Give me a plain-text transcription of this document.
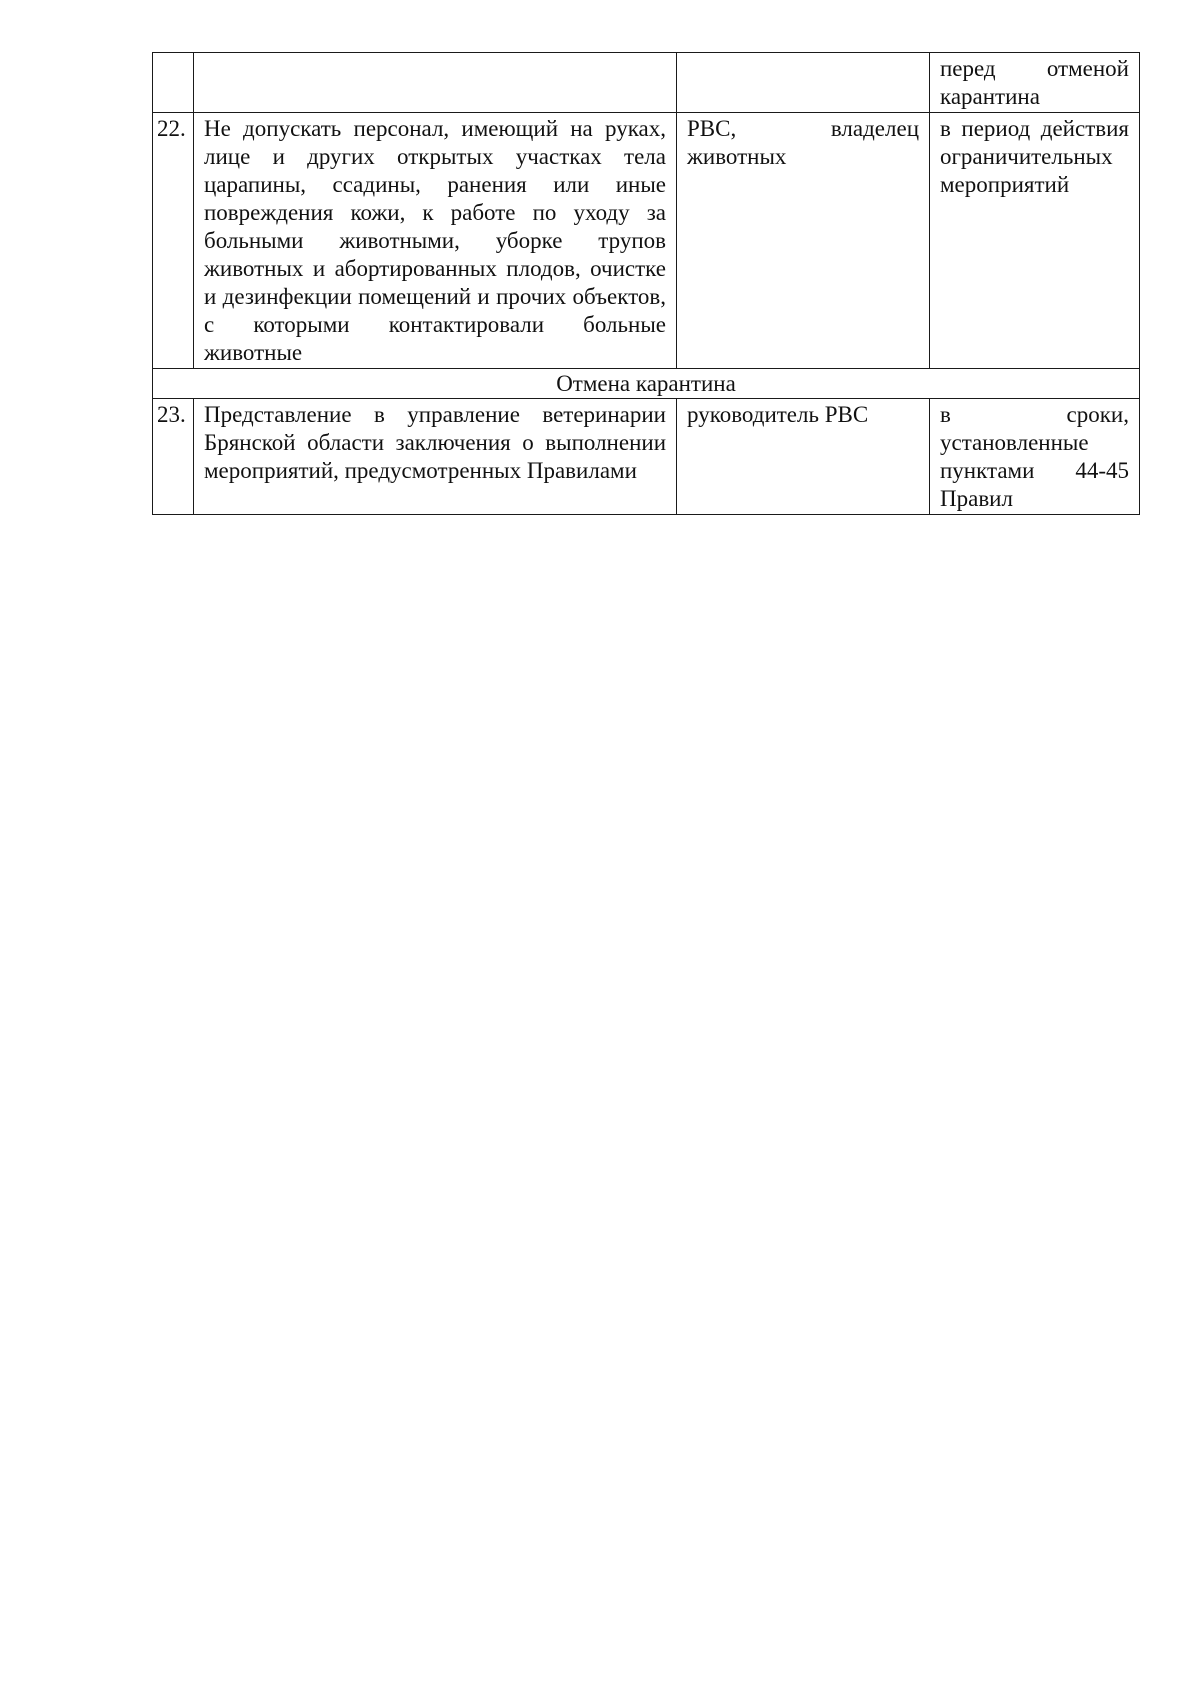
			перед отменой карантина

22.	Не допускать персонал, имеющий на руках, лице и других открытых участках тела царапины, ссадины, ранения или иные повреждения кожи, к работе по уходу за больными животными, уборке трупов животных и абортированных плодов, очистке и дезинфекции помещений и прочих объектов, с которыми контактировали больные животные	РВС, владелец животных	в период действия ограничительных мероприятий

Отмена карантина			

23.	Представление в управление ветеринарии Брянской области заключения о выполнении мероприятий, предусмотренных Правилами	руководитель РВС	в сроки, установленные пунктами 44-45 Правил
